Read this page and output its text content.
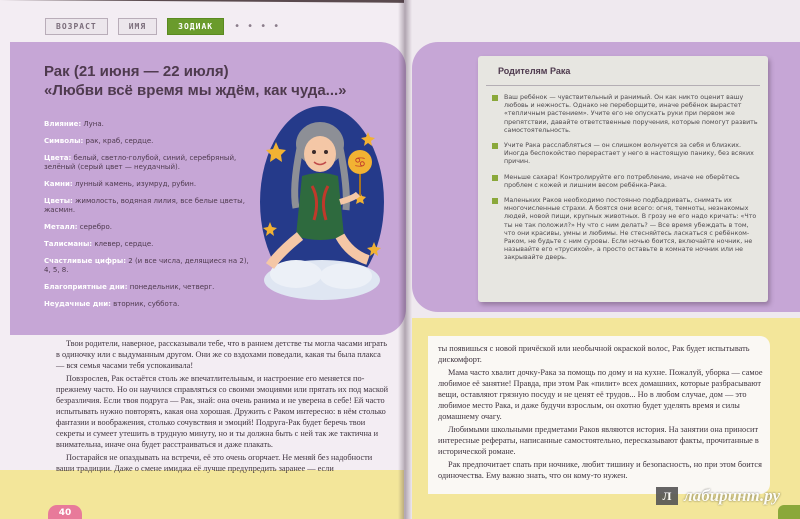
ВОЗРАСТ	ИМЯ	ЗОДИАК	• • • •
Рак (21 июня — 22 июля)
«Любви всё время мы ждём, как чуда...»
Влияние: Луна.
Символы: рак, краб, сердце.
Цвета: белый, светло-голубой, синий, серебряный, зелёный (серый цвет — неудачный).
Камни: лунный камень, изумруд, рубин.
Цветы: жимолость, водяная лилия, все белые цветы, жасмин.
Металл: серебро.
Талисманы: клевер, сердце.
Счастливые цифры: 2 (и все числа, делящиеся на 2), 4, 5, 8.
Благоприятные дни: понедельник, четверг.
Неудачные дни: вторник, суббота.
♋

Твои родители, наверное, рассказывали тебе, что в раннем детстве ты могла часами играть в одиночку или с выдуманным другом. Они же со вздохами поведали, какая ты была плакса — вся семья часами тебя успокаивала!

Повзрослев, Рак остаётся столь же впечатлительным, и настроение его меняется по-прежнему часто. Но он научился справляться со своими эмоциями или прятать их под маской безразличия. Если твоя подруга — Рак, знай: она очень ранима и не уверена в себе! Ей часто испытывать нужно повторять, какая она хорошая. Дружить с Раком интересно: в нём столько фантазии и воображения, столько сочувствия и эмоций! Подруга-Рак будет беречь твои секреты и сумеет утешить в трудную минуту, но и ты должна быть с ней так же тактична и внимательна, иначе она будет расстраиваться и даже плакать.

Постарайся не опаздывать на встречи, её это очень огорчает. Не меняй без надобности ваши традиции. Даже о смене имиджа её лучше предупредить заранее — если

40
Родителям Рака
Ваш ребёнок — чувствительный и ранимый. Он как никто оценит вашу любовь и нежность. Однако не переборщите, иначе ребёнок вырастет «тепличным растением». Учите его не опускать руки при первом же препятствии, давайте ответственные поручения, которые помогут развить самостоятельность.
Учите Рака расслабляться — он слишком волнуется за себя и близких. Иногда беспокойство перерастает у него в настоящую панику, без всяких причин.
Меньше сахара! Контролируйте его потребление, иначе не оберётесь проблем с кожей и лишним весом ребёнка-Рака.
Маленьких Раков необходимо постоянно подбадривать, снимать их многочисленные страхи. А боятся они всего: огня, темноты, незнакомых людей, новой пищи, крупных животных. В грозу не его надо кричать: «Что ты не так положил?» Ну что с ним делать? — Все время убеждать в том, что они красивы, умны и любимы. Не стесняйтесь ласкаться с ребёнком-Раком, не будьте с ним суровы. Если ночью боится, включайте ночник, не называйте его «трусихой», а просто оставьте в комнате ночник или не закрывайте дверь.

ты появишься с новой причёской или необычной окраской волос, Рак будет испытывать дискомфорт.

Мама часто хвалит дочку-Рака за помощь по дому и на кухне. Пожалуй, уборка — самое любимое её занятие! Правда, при этом Рак «пилит» всех домашних, которые разбрасывают вещи, оставляют грязную посуду и не ценят её трудов... Но в любом случае, дом — это любимое место Рака, и даже будучи взрослым, он охотно будет уделять время и силы домашнему очагу.

Любимыми школьными предметами Раков являются история. На занятии она приносит интересные рефераты, написанные самостоятельно, пересказывают факты, прочитанные в исторической романе.

Рак предпочитает спать при ночнике, любит тишину и безопасность, но при этом боится одиночества. Ему важно знать, что он кому-то нужен.

Л лабиринт.ру
